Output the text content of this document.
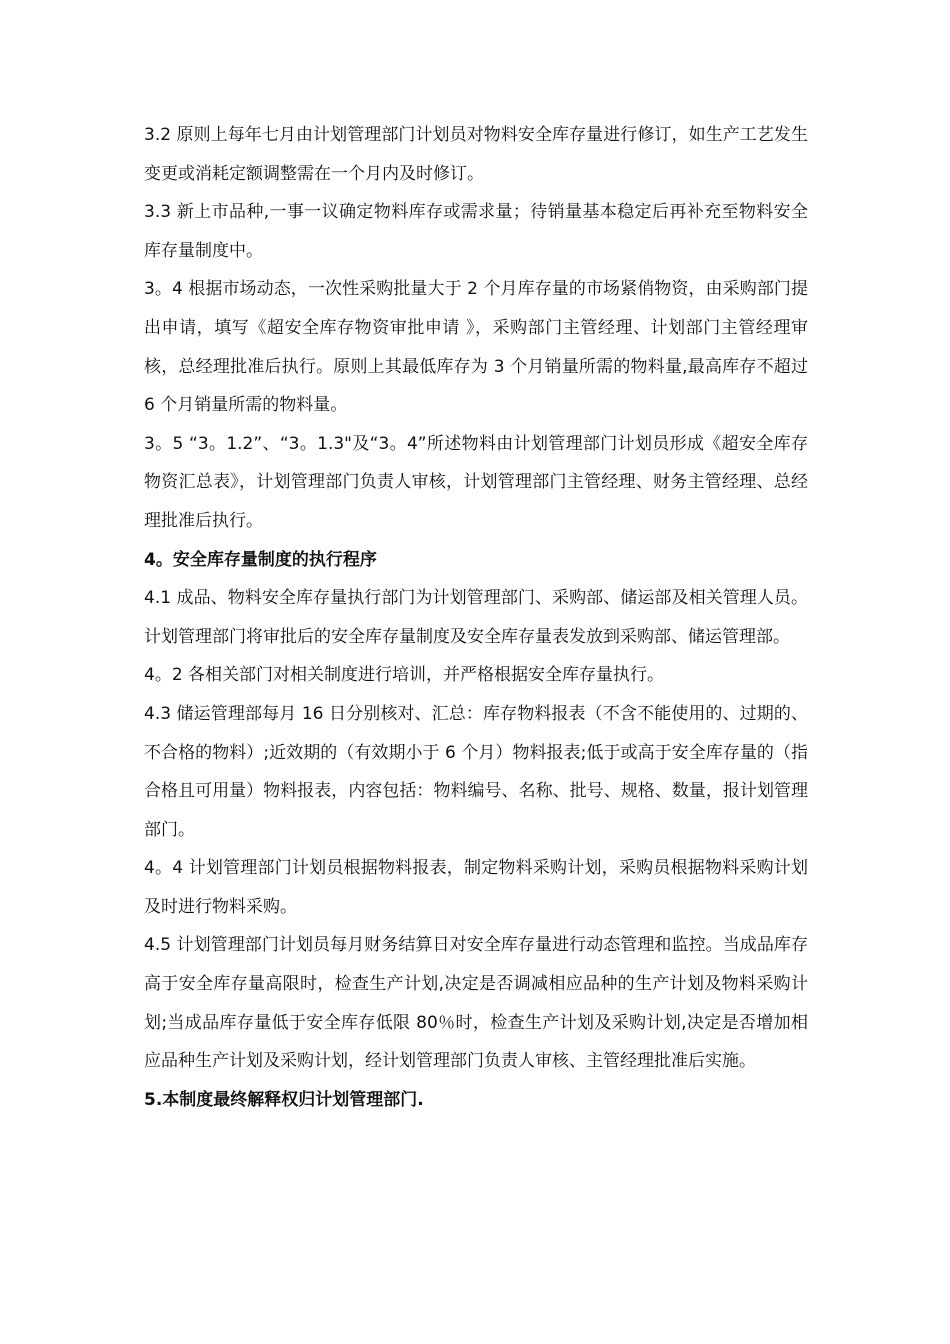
3.2 原则上每年七月由计划管理部门计划员对物料安全库存量进行修订，如生产工艺发生变更或消耗定额调整需在一个月内及时修订。

3.3 新上市品种,一事一议确定物料库存或需求量；待销量基本稳定后再补充至物料安全库存量制度中。

3。4 根据市场动态，一次性采购批量大于 2 个月库存量的市场紧俏物资，由采购部门提出申请，填写《超安全库存物资审批申请 》，采购部门主管经理、计划部门主管经理审核，总经理批准后执行。原则上其最低库存为 3 个月销量所需的物料量,最高库存不超过 6 个月销量所需的物料量。

3。5 “3。1.2”、“3。1.3"及“3。4”所述物料由计划管理部门计划员形成《超安全库存物资汇总表》，计划管理部门负责人审核，计划管理部门主管经理、财务主管经理、总经理批准后执行。

4。安全库存量制度的执行程序

4.1 成品、物料安全库存量执行部门为计划管理部门、采购部、储运部及相关管理人员。计划管理部门将审批后的安全库存量制度及安全库存量表发放到采购部、储运管理部。

4。2 各相关部门对相关制度进行培训，并严格根据安全库存量执行。

4.3 储运管理部每月 16 日分别核对、汇总：库存物料报表（不含不能使用的、过期的、不合格的物料）;近效期的（有效期小于 6 个月）物料报表;低于或高于安全库存量的（指合格且可用量）物料报表，内容包括：物料编号、名称、批号、规格、数量，报计划管理部门。

4。4 计划管理部门计划员根据物料报表，制定物料采购计划，采购员根据物料采购计划及时进行物料采购。

4.5 计划管理部门计划员每月财务结算日对安全库存量进行动态管理和监控。当成品库存高于安全库存量高限时，检查生产计划,决定是否调减相应品种的生产计划及物料采购计划;当成品库存量低于安全库存低限 80％时，检查生产计划及采购计划,决定是否增加相应品种生产计划及采购计划，经计划管理部门负责人审核、主管经理批准后实施。

5.本制度最终解释权归计划管理部门.
